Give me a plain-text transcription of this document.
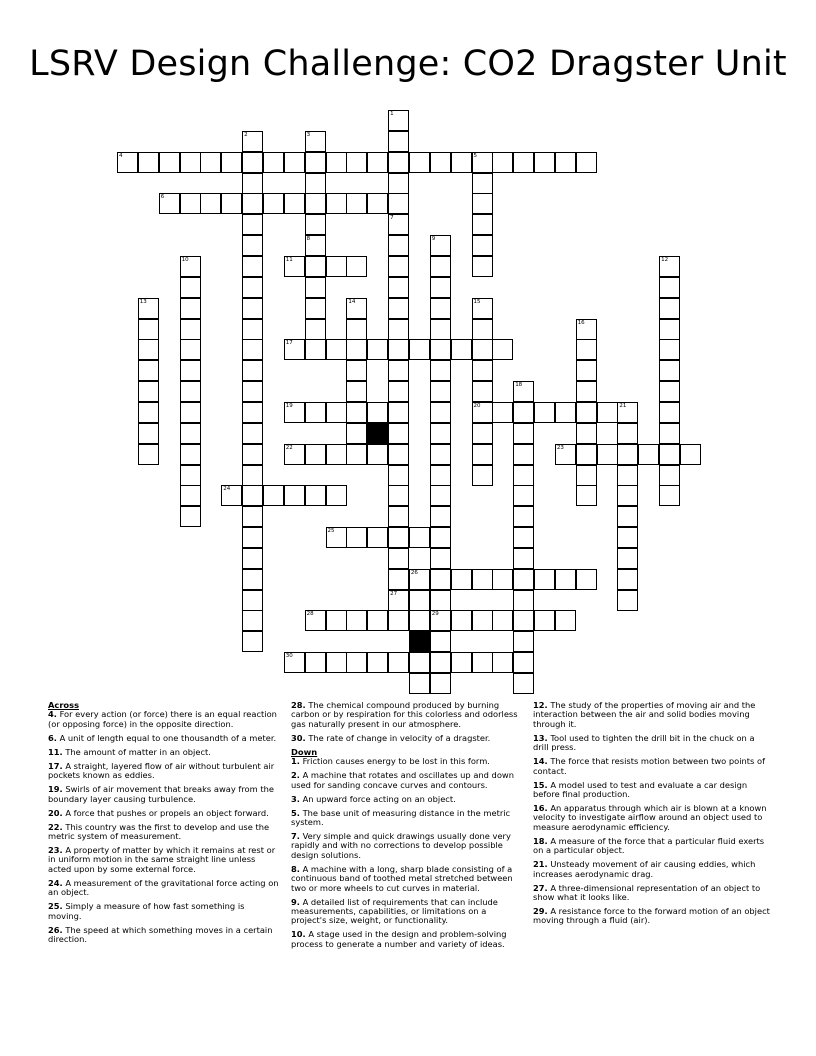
LSRV Design Challenge: CO2 Dragster Unit
4	5
6
11
17
19	20	21
22	23
24
25
26
28	29
30
1
2	3
8
7
27
9
10	12
13	14	15
16
18

Across

4. For every action (or force) there is an equal reaction (or opposing force) in the opposite direction.

6. A unit of length equal to one thousandth of a meter.

11. The amount of matter in an object.

17. A straight, layered flow of air without turbulent air pockets known as eddies.

19. Swirls of air movement that breaks away from the boundary layer causing turbulence.

20. A force that pushes or propels an object forward.

22. This country was the first to develop and use the metric system of measurement.

23. A property of matter by which it remains at rest or in uniform motion in the same straight line unless acted upon by some external force.

24. A measurement of the gravitational force acting on an object.

25. Simply a measure of how fast something is moving.

26. The speed at which something moves in a certain direction.

28. The chemical compound produced by burning carbon or by respiration for this colorless and odorless gas naturally present in our atmosphere.

30. The rate of change in velocity of a dragster.

Down

1. Friction causes energy to be lost in this form.

2. A machine that rotates and oscillates up and down used for sanding concave curves and contours.

3. An upward force acting on an object.

5. The base unit of measuring distance in the metric system.

7. Very simple and quick drawings usually done very rapidly and with no corrections to develop possible design solutions.

8. A machine with a long, sharp blade consisting of a continuous band of toothed metal stretched between two or more wheels to cut curves in material.

9. A detailed list of requirements that can include measurements, capabilities, or limitations on a project's size, weight, or functionality.

10. A stage used in the design and problem-solving process to generate a number and variety of ideas.

12. The study of the properties of moving air and the interaction between the air and solid bodies moving through it.

13. Tool used to tighten the drill bit in the chuck on a drill press.

14. The force that resists motion between two points of contact.

15. A model used to test and evaluate a car design before final production.

16. An apparatus through which air is blown at a known velocity to investigate airflow around an object used to measure aerodynamic efficiency.

18. A measure of the force that a particular fluid exerts on a particular object.

21. Unsteady movement of air causing eddies, which increases aerodynamic drag.

27. A three-dimensional representation of an object to show what it looks like.

29. A resistance force to the forward motion of an object moving through a fluid (air).
